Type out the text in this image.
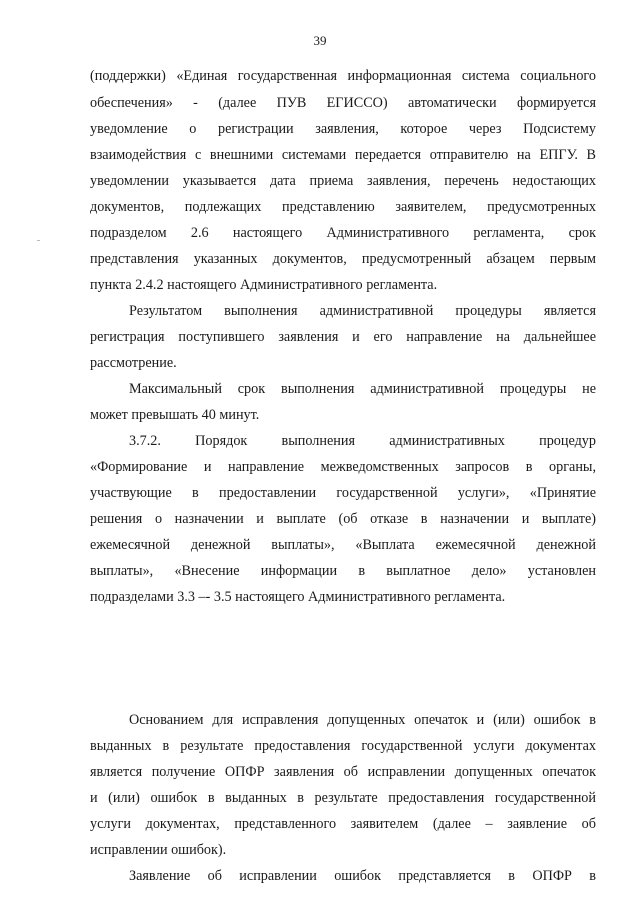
39
(поддержки) «Единая государственная информационная система социального
обеспечения» - (далее ПУВ ЕГИССО) автоматически формируется
уведомление о регистрации заявления, которое через Подсистему
взаимодействия с внешними системами передается отправителю на ЕПГУ. В
уведомлении указывается дата приема заявления, перечень недостающих
документов, подлежащих представлению заявителем, предусмотренных
подразделом 2.6 настоящего Административного регламента, срок
представления указанных документов, предусмотренный абзацем первым
пункта 2.4.2 настоящего Административного регламента.
Результатом выполнения административной процедуры является
регистрация поступившего заявления и его направление на дальнейшее
рассмотрение.
Максимальный срок выполнения административной процедуры не
может превышать 40 минут.
3.7.2. Порядок выполнения административных процедур
«Формирование и направление межведомственных запросов в органы,
участвующие в предоставлении государственной услуги», «Принятие
решения о назначении и выплате (об отказе в назначении и выплате)
ежемесячной денежной выплаты», «Выплата ежемесячной денежной
выплаты», «Внесение информации в выплатное дело» установлен
подразделами 3.3 –- 3.5 настоящего Административного регламента.
Основанием для исправления допущенных опечаток и (или) ошибок в
выданных в результате предоставления государственной услуги документах
является получение ОПФР заявления об исправлении допущенных опечаток
и (или) ошибок в выданных в результате предоставления государственной
услуги документах, представленного заявителем (далее – заявление об
исправлении ошибок).
Заявление об исправлении ошибок представляется в ОПФР в
